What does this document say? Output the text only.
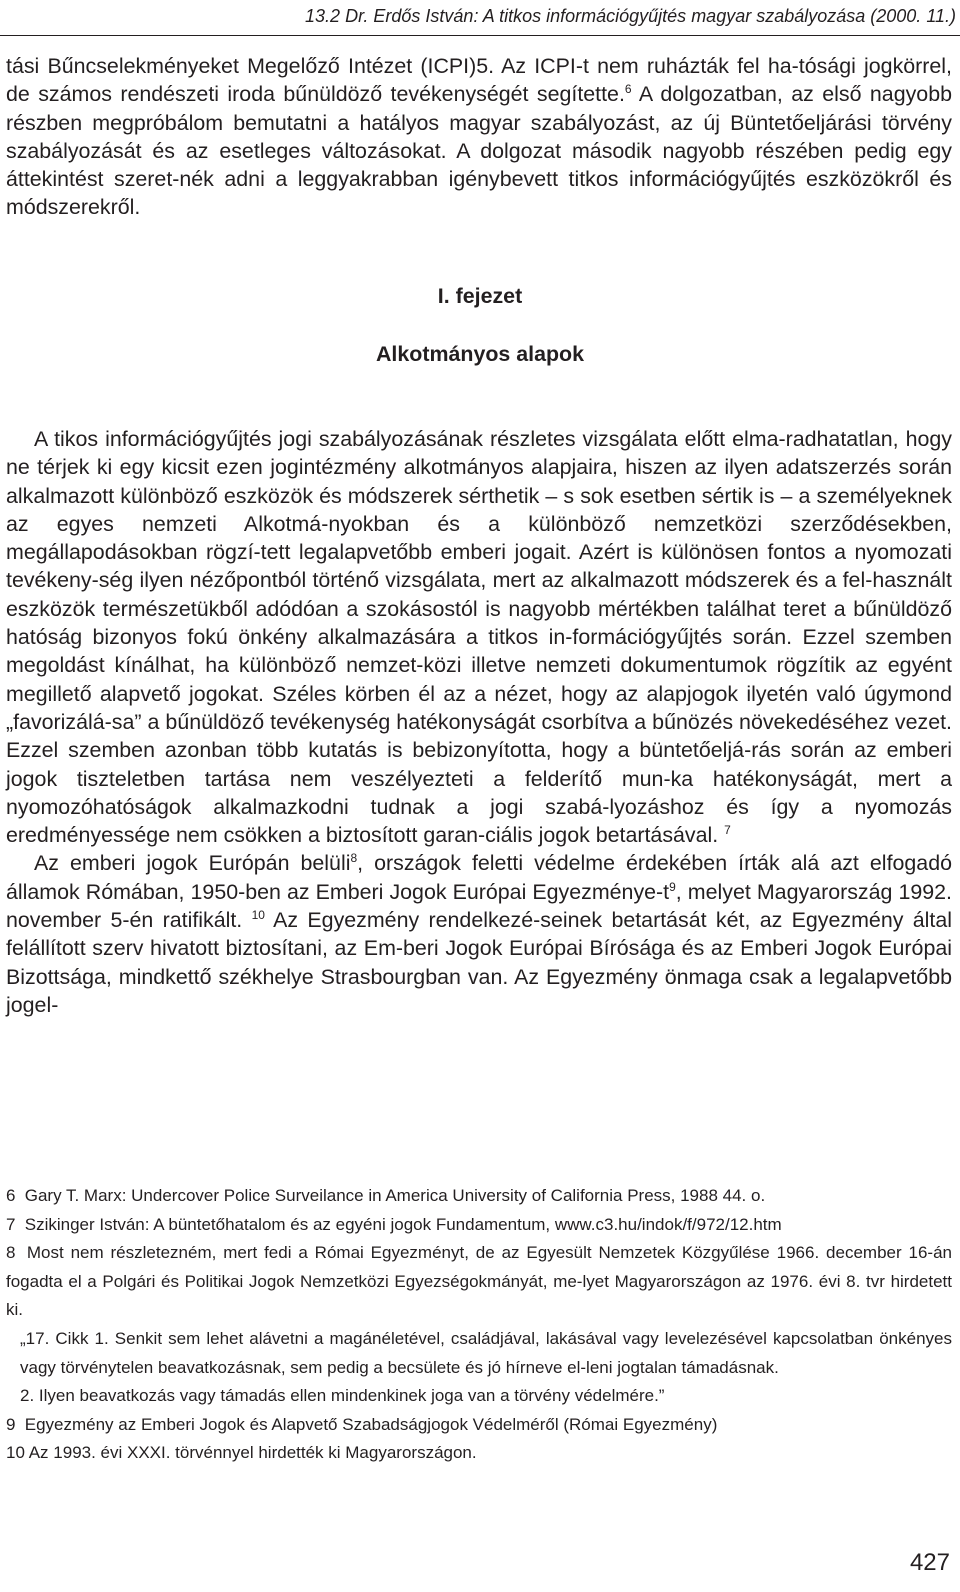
13.2 Dr. Erdős István: A titkos információgyűjtés magyar szabályozása (2000. 11.)

tási Bűncselekményeket Megelőző Intézet (ICPI)5. Az ICPI-t nem ruházták fel ha-tósági jogkörrel, de számos rendészeti iroda bűnüldöző tevékenységét segítette.$^6$ A dolgozatban, az első nagyobb részben megpróbálom bemutatni a hatályos magyar szabályozást, az új Büntetőeljárási törvény szabályozását és az esetleges változásokat. A dolgozat második nagyobb részében pedig egy áttekintést szeret-nék adni a leggyakrabban igénybevett titkos információgyűjtés eszközökről és módszerekről.

I. fejezet
Alkotmányos alapok

A tikos információgyűjtés jogi szabályozásának részletes vizsgálata előtt elma-radhatatlan, hogy ne térjek ki egy kicsit ezen jogintézmény alkotmányos alapjaira, hiszen az ilyen adatszerzés során alkalmazott különböző eszközök és módszerek sérthetik – s sok esetben sértik is – a személyeknek az egyes nemzeti Alkotmá-nyokban és a különböző nemzetközi szerződésekben, megállapodásokban rögzí-tett legalapvetőbb emberi jogait. Azért is különösen fontos a nyomozati tevékeny-ség ilyen nézőpontból történő vizsgálata, mert az alkalmazott módszerek és a fel-használt eszközök természetükből adódóan a szokásostól is nagyobb mértékben találhat teret a bűnüldöző hatóság bizonyos fokú önkény alkalmazására a titkos in-formációgyűjtés során. Ezzel szemben megoldást kínálhat, ha különböző nemzet-közi illetve nemzeti dokumentumok rögzítik az egyént megillető alapvető jogokat. Széles körben él az a nézet, hogy az alapjogok ilyetén való úgymond „favorizálá-sa” a bűnüldöző tevékenység hatékonyságát csorbítva a bűnözés növekedéséhez vezet. Ezzel szemben azonban több kutatás is bebizonyította, hogy a büntetőeljá-rás során az emberi jogok tiszteletben tartása nem veszélyezteti a felderítő mun-ka hatékonyságát, mert a nyomozóhatóságok alkalmazkodni tudnak a jogi szabá-lyozáshoz és így a nyomozás eredményessége nem csökken a biztosított garan-ciális jogok betartásával. $^7$

Az emberi jogok Európán belüli$^8$, országok feletti védelme érdekében írták alá azt elfogadó államok Rómában, 1950-ben az Emberi Jogok Európai Egyezménye-t$^9$, melyet Magyarország 1992. november 5-én ratifikált. $^{10}$ Az Egyezmény rendelkezé-seinek betartását két, az Egyezmény által felállított szerv hivatott biztosítani, az Em-beri Jogok Európai Bírósága és az Emberi Jogok Európai Bizottsága, mindkettő székhelye Strasbourgban van. Az Egyezmény önmaga csak a legalapvetőbb jogel-

6 Gary T. Marx: Undercover Police Surveilance in America University of California Press, 1988 44. o.

7 Szikinger István: A büntetőhatalom és az egyéni jogok Fundamentum, www.c3.hu/indok/f/972/12.htm

8 Most nem részletezném, mert fedi a Római Egyezményt, de az Egyesült Nemzetek Közgyűlése 1966. december 16-án fogadta el a Polgári és Politikai Jogok Nemzetközi Egyezségokmányát, me-lyet Magyarországon az 1976. évi 8. tvr hirdetett ki.

„17. Cikk 1. Senkit sem lehet alávetni a magánéletével, családjával, lakásával vagy levelezésével kapcsolatban önkényes vagy törvénytelen beavatkozásnak, sem pedig a becsülete és jó hírneve el-leni jogtalan támadásnak.

2. Ilyen beavatkozás vagy támadás ellen mindenkinek joga van a törvény védelmére.”

9 Egyezmény az Emberi Jogok és Alapvető Szabadságjogok Védelméről (Római Egyezmény)

10 Az 1993. évi XXXI. törvénnyel hirdették ki Magyarországon.

427
